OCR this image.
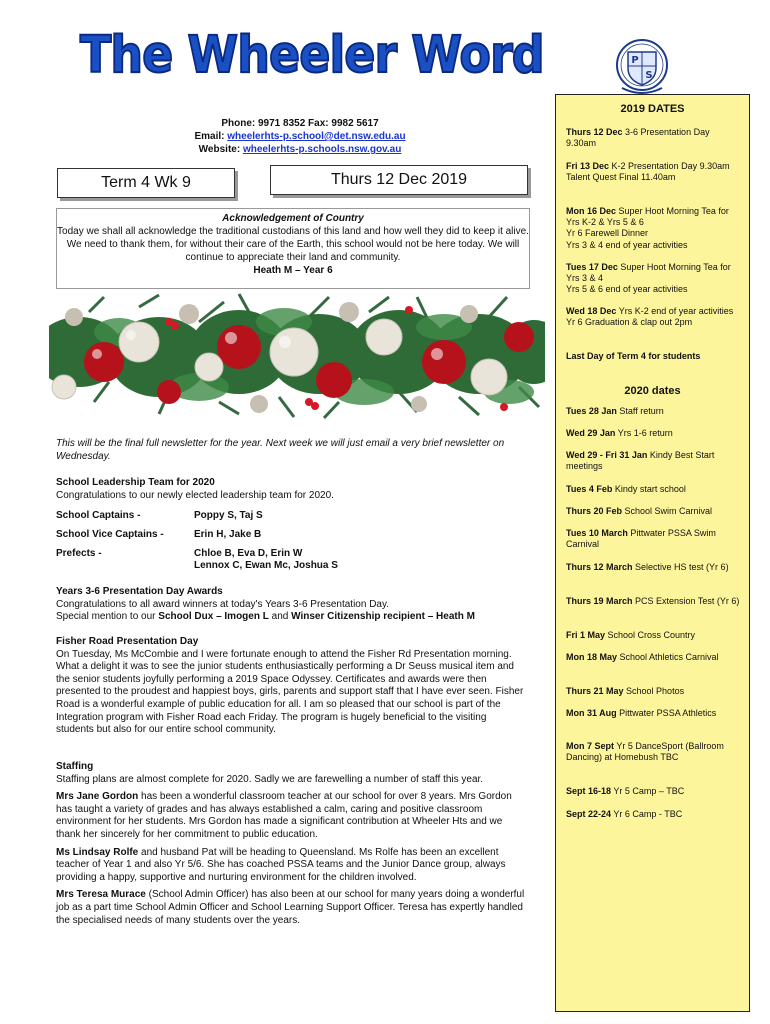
The Wheeler Word	P
S
Phone: 9971 8352 Fax: 9982 5617
Email: wheelerhts-p.school@det.nsw.edu.au
Website: wheelerhts-p.schools.nsw.gov.au
Term 4 Wk 9	Thurs 12 Dec 2019
Acknowledgement of Country
Today we shall all acknowledge the traditional custodians of this land and how well they did to keep it alive. We need to thank them, for without their care of the Earth, this school would not be here today. We will continue to appreciate their land and community.
Heath M – Year 6
This will be the final full newsletter for the year. Next week we will just email a very brief newsletter on Wednesday.
School Leadership Team for 2020
Congratulations to our newly elected leadership team for 2020.
School Captains -	Poppy S, Taj S
School Vice Captains -	Erin H, Jake B
Prefects -	Chloe B, Eva D, Erin W
Lennox C, Ewan Mc, Joshua S
Years 3-6 Presentation Day Awards
Congratulations to all award winners at today's Years 3-6 Presentation Day.
Special mention to our School Dux – Imogen L and Winser Citizenship recipient – Heath M
Fisher Road Presentation Day
On Tuesday, Ms McCombie and I were fortunate enough to attend the Fisher Rd Presentation morning. What a delight it was to see the junior students enthusiastically performing a Dr Seuss musical item and the senior students joyfully performing a 2019 Space Odyssey. Certificates and awards were then presented to the proudest and happiest boys, girls, parents and support staff that I have ever seen. Fisher Road is a wonderful example of public education for all. I am so pleased that our school is part of the Integration program with Fisher Road each Friday. The program is hugely beneficial to the visiting students but also for our entire school community.
Staffing
Staffing plans are almost complete for 2020. Sadly we are farewelling a number of staff this year.
Mrs Jane Gordon has been a wonderful classroom teacher at our school for over 8 years. Mrs Gordon has taught a variety of grades and has always established a calm, caring and positive classroom environment for her students. Mrs Gordon has made a significant contribution at Wheeler Hts and we thank her sincerely for her commitment to public education.
Ms Lindsay Rolfe and husband Pat will be heading to Queensland. Ms Rolfe has been an excellent teacher of Year 1 and also Yr 5/6. She has coached PSSA teams and the Junior Dance group, always providing a happy, supportive and nurturing environment for the children involved.
Mrs Teresa Murace (School Admin Officer) has also been at our school for many years doing a wonderful job as a part time School Admin Officer and School Learning Support Officer. Teresa has expertly handled the specialised needs of many students over the years.
2019 DATES
Thurs 12 Dec 3-6 Presentation Day 9.30am
Fri 13 Dec K-2 Presentation Day 9.30am
Talent Quest Final 11.40am
Mon 16 Dec Super Hoot Morning Tea for Yrs K-2 & Yrs 5 & 6
Yr 6 Farewell Dinner
Yrs 3 & 4 end of year activities
Tues 17 Dec Super Hoot Morning Tea for Yrs 3 & 4
Yrs 5 & 6 end of year activities
Wed 18 Dec Yrs K-2 end of year activities
Yr 6 Graduation & clap out 2pm
Last Day of Term 4 for students
2020 dates
Tues 28 Jan Staff return
Wed 29 Jan Yrs 1-6 return
Wed 29 - Fri 31 Jan Kindy Best Start meetings
Tues 4 Feb Kindy start school
Thurs 20 Feb School Swim Carnival
Tues 10 March Pittwater PSSA Swim Carnival
Thurs 12 March Selective HS test (Yr 6)
Thurs 19 March PCS Extension Test (Yr 6)
Fri 1 May School Cross Country
Mon 18 May School Athletics Carnival
Thurs 21 May School Photos
Mon 31 Aug Pittwater PSSA Athletics
Mon 7 Sept Yr 5 DanceSport (Ballroom Dancing) at Homebush TBC
Sept 16-18 Yr 5 Camp – TBC
Sept 22-24 Yr 6 Camp - TBC
